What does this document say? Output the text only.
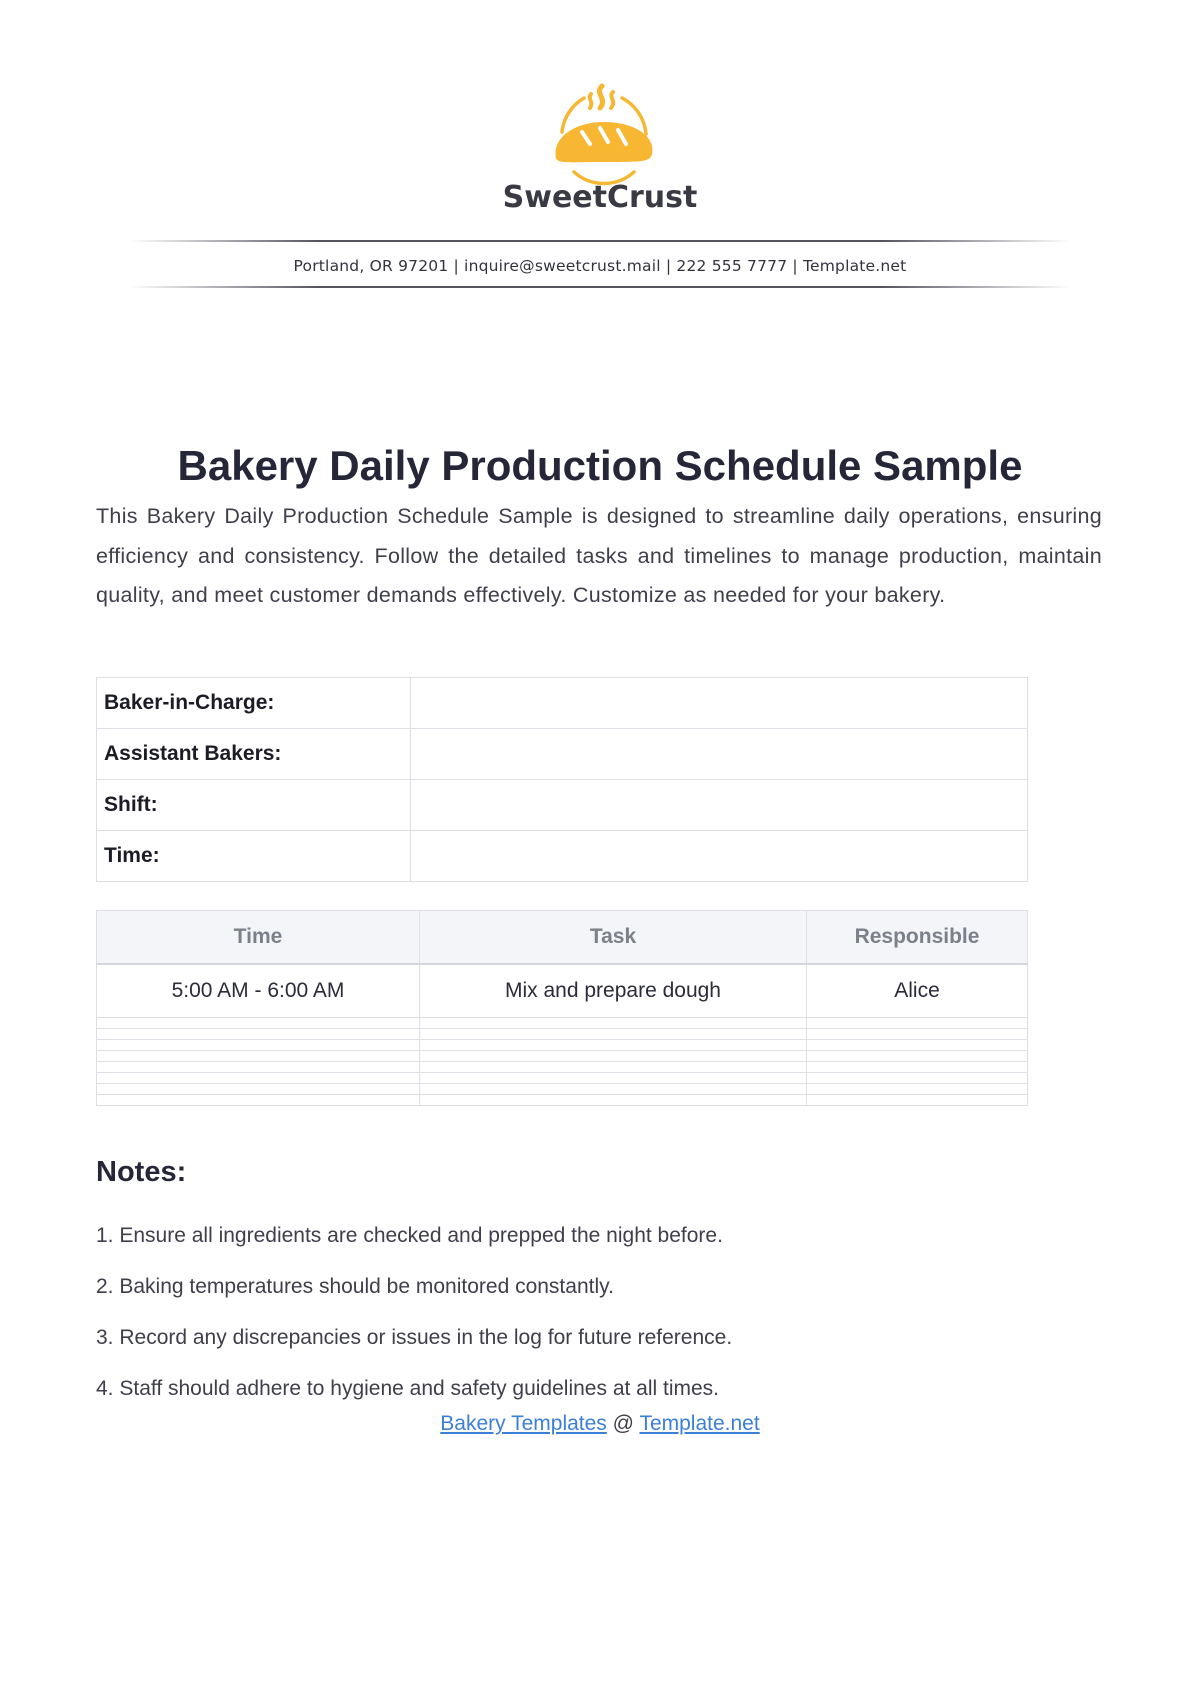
SweetCrust
Portland, OR 97201 | inquire@sweetcrust.mail | 222 555 7777 | Template.net
Bakery Daily Production Schedule Sample

This Bakery Daily Production Schedule Sample is designed to streamline daily operations, ensuring efficiency and consistency. Follow the detailed tasks and timelines to manage production, maintain quality, and meet customer demands effectively. Customize as needed for your bakery.

Baker-in-Charge:	
Assistant Bakers:	
Shift:	
Time:	
Time	Task	Responsible
5:00 AM - 6:00 AM	Mix and prepare dough	Alice

Notes:
1. Ensure all ingredients are checked and prepped the night before.
2. Baking temperatures should be monitored constantly.
3. Record any discrepancies or issues in the log for future reference.
4. Staff should adhere to hygiene and safety guidelines at all times.
Bakery Templates @ Template.net
